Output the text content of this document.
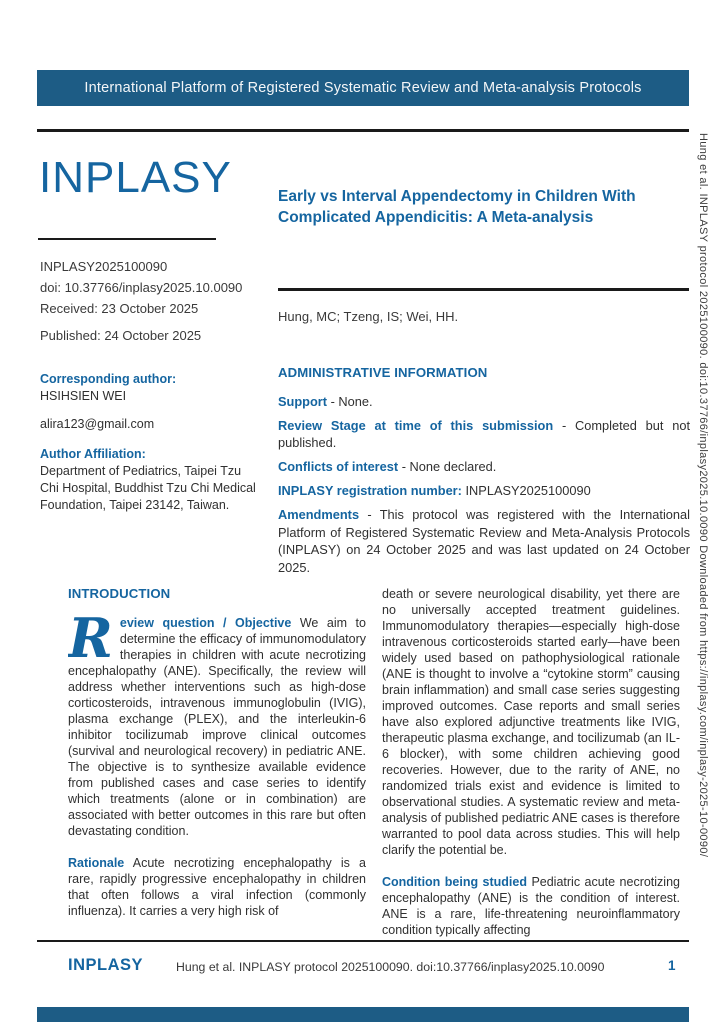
International Platform of Registered Systematic Review and Meta-analysis Protocols
INPLASY
INPLASY2025100090
doi: 10.37766/inplasy2025.10.0090
Received: 23 October 2025
Published: 24 October 2025
Early vs Interval Appendectomy in Children With Complicated Appendicitis: A Meta-analysis
Hung, MC; Tzeng, IS; Wei, HH.
Corresponding author:
HSIHSIEN WEI
alira123@gmail.com
Author Affiliation:
Department of Pediatrics, Taipei Tzu Chi Hospital, Buddhist Tzu Chi Medical Foundation, Taipei 23142, Taiwan.
ADMINISTRATIVE INFORMATION

Support - None.

Review Stage at time of this submission - Completed but not published.

Conflicts of interest - None declared.

INPLASY registration number: INPLASY2025100090

Amendments - This protocol was registered with the International Platform of Registered Systematic Review and Meta-Analysis Protocols (INPLASY) on 24 October 2025 and was last updated on 24 October 2025.

INTRODUCTION

Review question / Objective We aim to determine the efficacy of immunomodulatory therapies in children with acute necrotizing encephalopathy (ANE). Specifically, the review will address whether interventions such as high-dose corticosteroids, intravenous immunoglobulin (IVIG), plasma exchange (PLEX), and the interleukin-6 inhibitor tocilizumab improve clinical outcomes (survival and neurological recovery) in pediatric ANE. The objective is to synthesize available evidence from published cases and case series to identify which treatments (alone or in combination) are associated with better outcomes in this rare but often devastating condition.

Rationale Acute necrotizing encephalopathy is a rare, rapidly progressive encephalopathy in children that often follows a viral infection (commonly influenza). It carries a very high risk of

death or severe neurological disability, yet there are no universally accepted treatment guidelines. Immunomodulatory therapies—especially high-dose intravenous corticosteroids started early—have been widely used based on pathophysiological rationale (ANE is thought to involve a “cytokine storm” causing brain inflammation) and small case series suggesting improved outcomes. Case reports and small series have also explored adjunctive treatments like IVIG, therapeutic plasma exchange, and tocilizumab (an IL-6 blocker), with some children achieving good recoveries. However, due to the rarity of ANE, no randomized trials exist and evidence is limited to observational studies. A systematic review and meta-analysis of published pediatric ANE cases is therefore warranted to pool data across studies. This will help clarify the potential be.

Condition being studied Pediatric acute necrotizing encephalopathy (ANE) is the condition of interest. ANE is a rare, life-threatening neuroinflammatory condition typically affecting

INPLASY	Hung et al. INPLASY protocol 2025100090. doi:10.37766/inplasy2025.10.0090	1
Hung et al. INPLASY protocol 2025100090. doi:10.37766/inplasy2025.10.0090 Downloaded from https://inplasy.com/inplasy-2025-10-0090/
